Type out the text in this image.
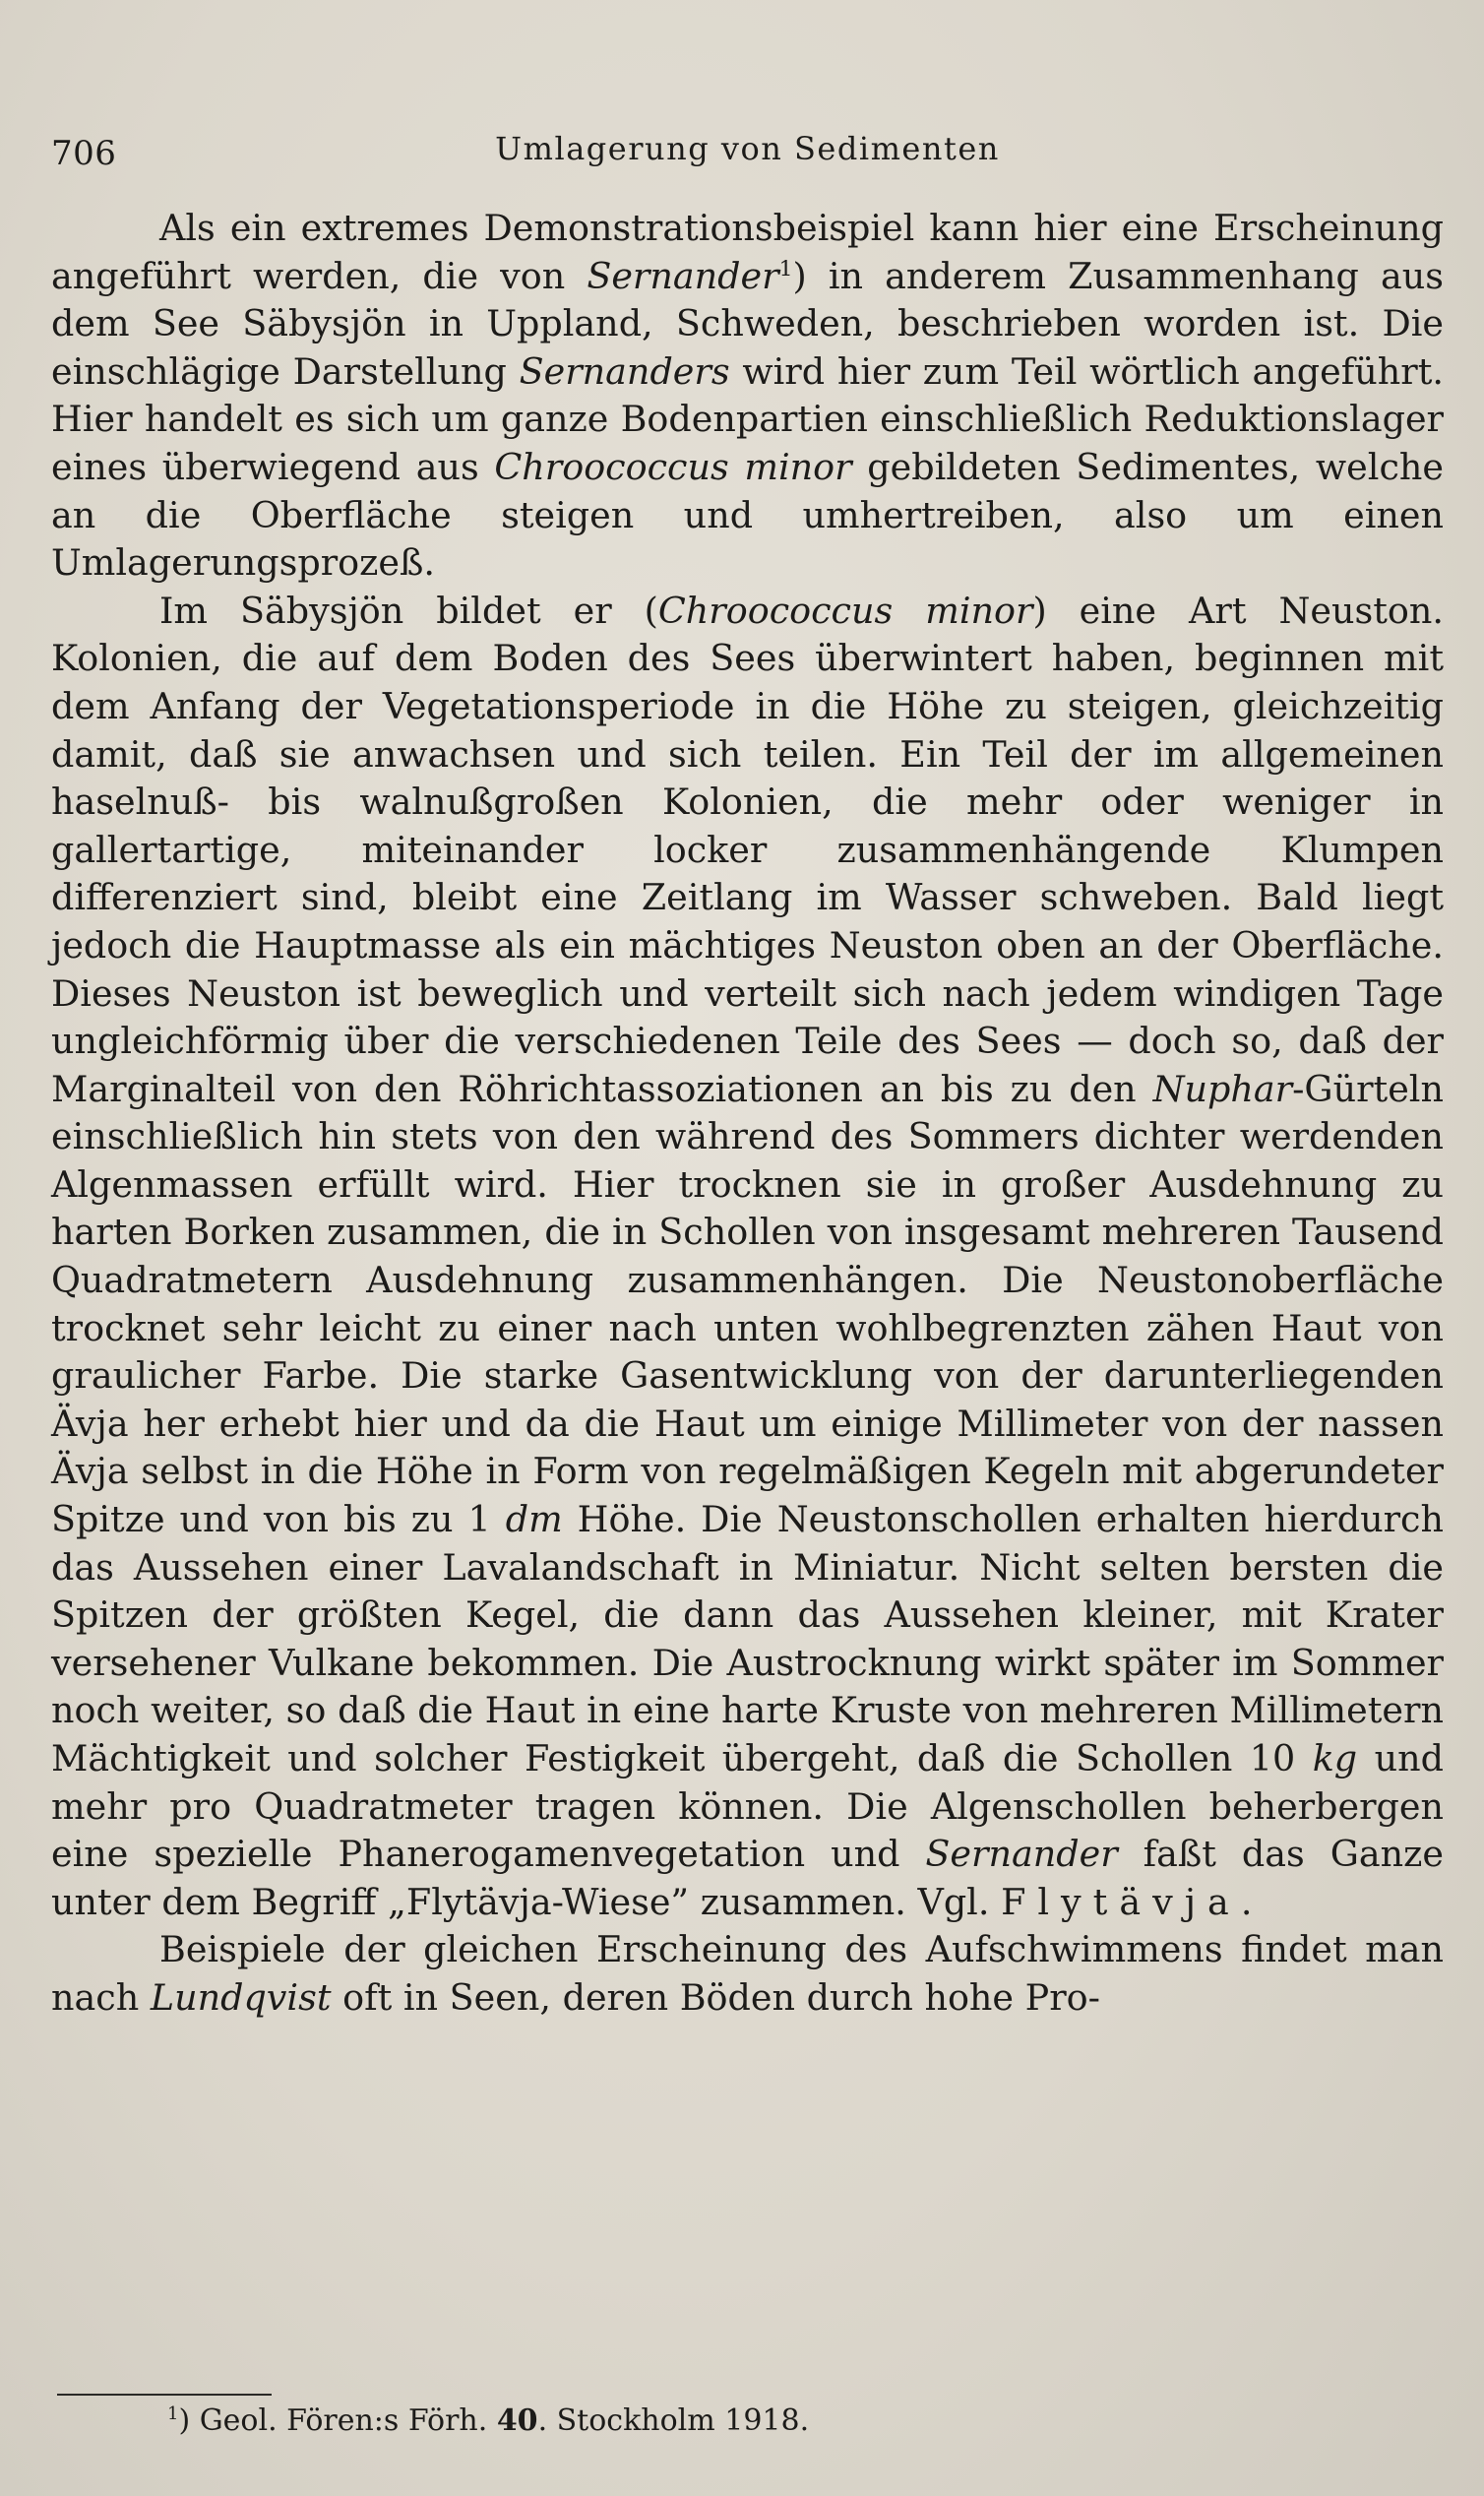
706	Umlagerung von Sedimenten

Als ein extremes Demonstrationsbeispiel kann hier eine Erscheinung angeführt werden, die von Sernander$^1$) in anderem Zusammenhang aus dem See Säbysjön in Uppland, Schweden, beschrieben worden ist. Die einschlägige Darstellung Sernanders wird hier zum Teil wörtlich angeführt. Hier handelt es sich um ganze Bodenpartien einschließlich Reduktionslager eines überwiegend aus Chroococcus minor gebildeten Sedimentes, welche an die Oberfläche steigen und umhertreiben, also um einen Umlagerungsprozeß.

Im Säbysjön bildet er (Chroococcus minor) eine Art Neuston. Kolonien, die auf dem Boden des Sees überwintert haben, beginnen mit dem Anfang der Vegetationsperiode in die Höhe zu steigen, gleichzeitig damit, daß sie anwachsen und sich teilen. Ein Teil der im allgemeinen haselnuß- bis walnußgroßen Kolonien, die mehr oder weniger in gallertartige, miteinander locker zusammenhängende Klumpen differenziert sind, bleibt eine Zeitlang im Wasser schweben. Bald liegt jedoch die Hauptmasse als ein mächtiges Neuston oben an der Oberfläche. Dieses Neuston ist beweglich und verteilt sich nach jedem windigen Tage ungleichförmig über die verschiedenen Teile des Sees — doch so, daß der Marginalteil von den Röhrichtassoziationen an bis zu den Nuphar-Gürteln einschließlich hin stets von den während des Sommers dichter werdenden Algenmassen erfüllt wird. Hier trocknen sie in großer Ausdehnung zu harten Borken zusammen, die in Schollen von insgesamt mehreren Tausend Quadratmetern Ausdehnung zusammenhängen. Die Neustonoberfläche trocknet sehr leicht zu einer nach unten wohlbegrenzten zähen Haut von graulicher Farbe. Die starke Gasentwicklung von der darunterliegenden Ävja her erhebt hier und da die Haut um einige Millimeter von der nassen Ävja selbst in die Höhe in Form von regelmäßigen Kegeln mit abgerundeter Spitze und von bis zu 1 dm Höhe. Die Neustonschollen erhalten hierdurch das Aussehen einer Lavalandschaft in Miniatur. Nicht selten bersten die Spitzen der größten Kegel, die dann das Aussehen kleiner, mit Krater versehener Vulkane bekommen. Die Austrocknung wirkt später im Sommer noch weiter, so daß die Haut in eine harte Kruste von mehreren Millimetern Mächtigkeit und solcher Festigkeit übergeht, daß die Schollen 10 kg und mehr pro Quadratmeter tragen können. Die Algenschollen beherbergen eine spezielle Phanerogamenvegetation und Sernander faßt das Ganze unter dem Begriff „Flytävja-Wiese” zusammen. Vgl. Flytävja.

Beispiele der gleichen Erscheinung des Aufschwimmens findet man nach Lundqvist oft in Seen, deren Böden durch hohe Pro-

$^1$) Geol. Fören:s Förh. 40. Stockholm 1918.
